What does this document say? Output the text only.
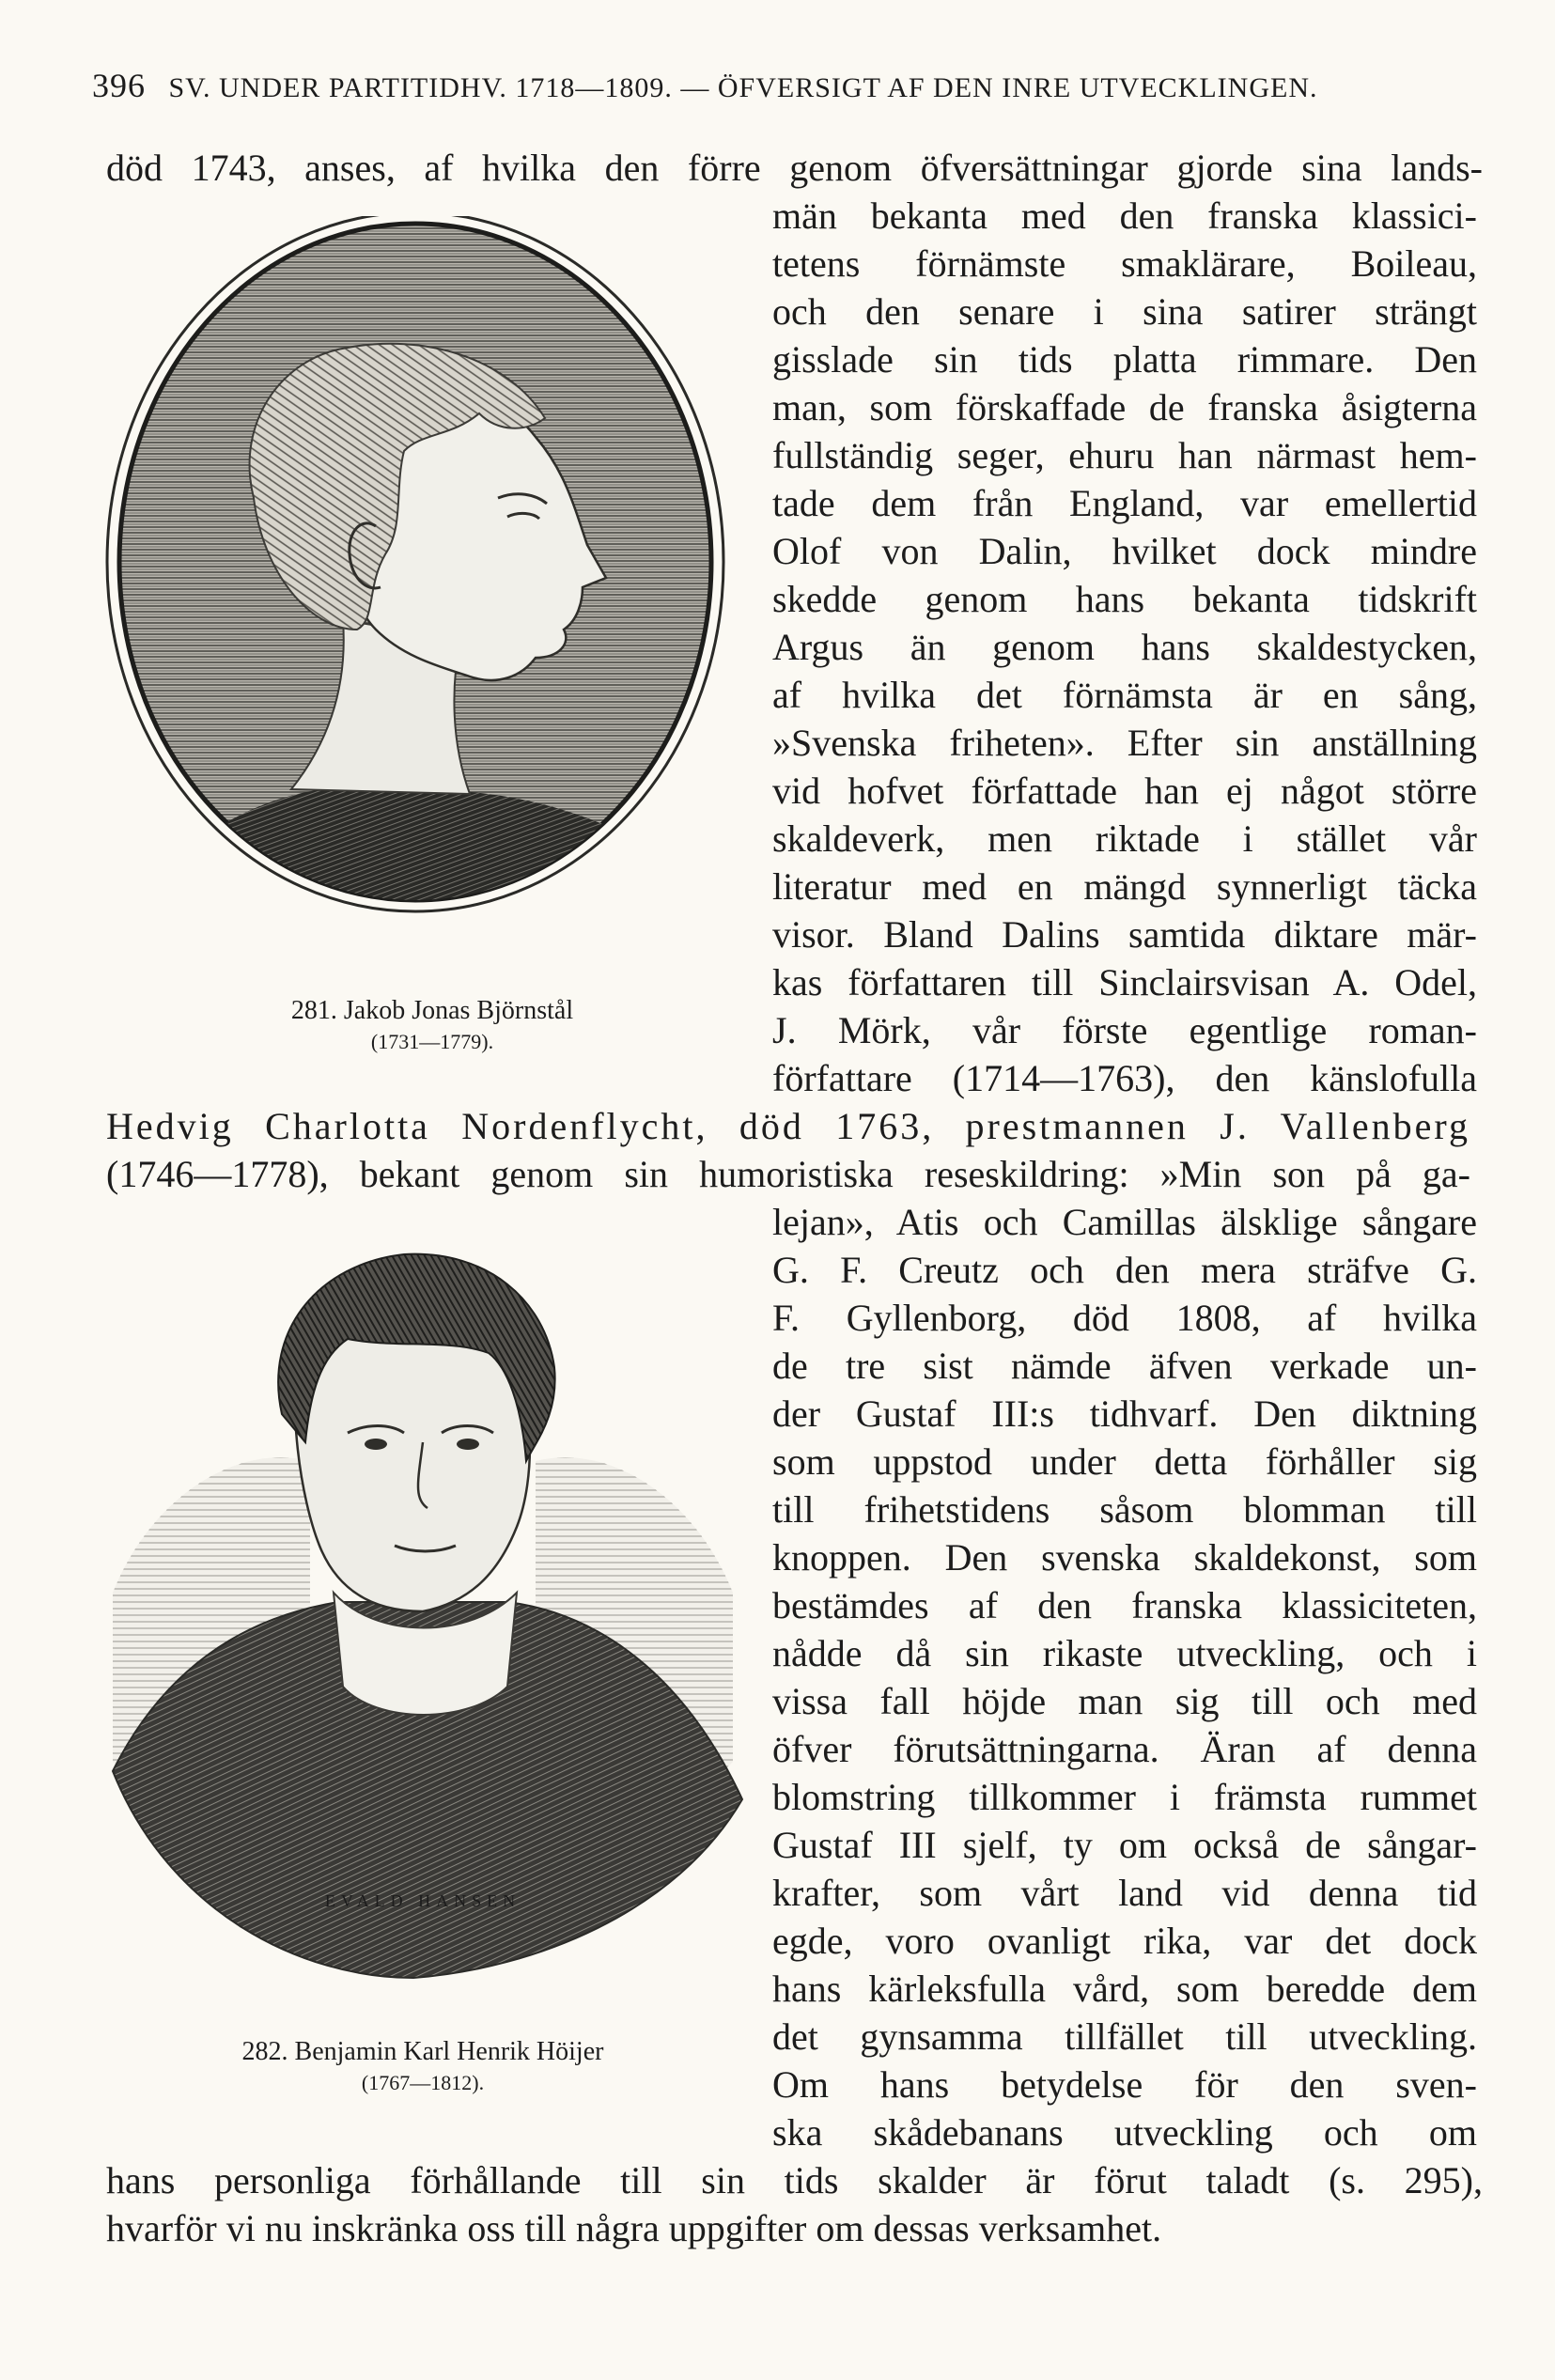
396 SV. UNDER PARTITIDHV. 1718—1809. — ÖFVERSIGT AF DEN INRE UTVECKLINGEN.
281. Jakob Jonas Björnstål
(1731—1779).
EVALD HANSEN
282. Benjamin Karl Henrik Höijer
(1767—1812).
död 1743, anses, af hvilka den förre genom öfversättningar gjorde sina lands-
män bekanta med den franska klassici-
tetens förnämste smaklärare, Boileau,
och den senare i sina satirer strängt
gisslade sin tids platta rimmare. Den
man, som förskaffade de franska åsigterna
fullständig seger, ehuru han närmast hem-
tade dem från England, var emellertid
Olof von Dalin, hvilket dock mindre
skedde genom hans bekanta tidskrift
Argus än genom hans skaldestycken,
af hvilka det förnämsta är en sång,
»Svenska friheten». Efter sin anställning
vid hofvet författade han ej något större
skaldeverk, men riktade i stället vår
literatur med en mängd synnerligt täcka
visor. Bland Dalins samtida diktare mär-
kas författaren till Sinclairsvisan A. Odel,
J. Mörk, vår förste egentlige roman-
författare (1714—1763), den känslofulla
Hedvig Charlotta Nordenflycht, död 1763, prestmannen J. Vallenberg
(1746—1778), bekant genom sin humoristiska reseskildring: »Min son på ga-
lejan», Atis och Camillas älsklige sångare
G. F. Creutz och den mera sträfve G.
F. Gyllenborg, död 1808, af hvilka
de tre sist nämde äfven verkade un-
der Gustaf III:s tidhvarf. Den diktning
som uppstod under detta förhåller sig
till frihetstidens såsom blomman till
knoppen. Den svenska skaldekonst, som
bestämdes af den franska klassiciteten,
nådde då sin rikaste utveckling, och i
vissa fall höjde man sig till och med
öfver förutsättningarna. Äran af denna
blomstring tillkommer i främsta rummet
Gustaf III sjelf, ty om också de sångar-
krafter, som vårt land vid denna tid
egde, voro ovanligt rika, var det dock
hans kärleksfulla vård, som beredde dem
det gynsamma tillfället till utveckling.
Om hans betydelse för den sven-
ska skådebanans utveckling och om
hans personliga förhållande till sin tids skalder är förut taladt (s. 295),
hvarför vi nu inskränka oss till några uppgifter om dessas verksamhet.
